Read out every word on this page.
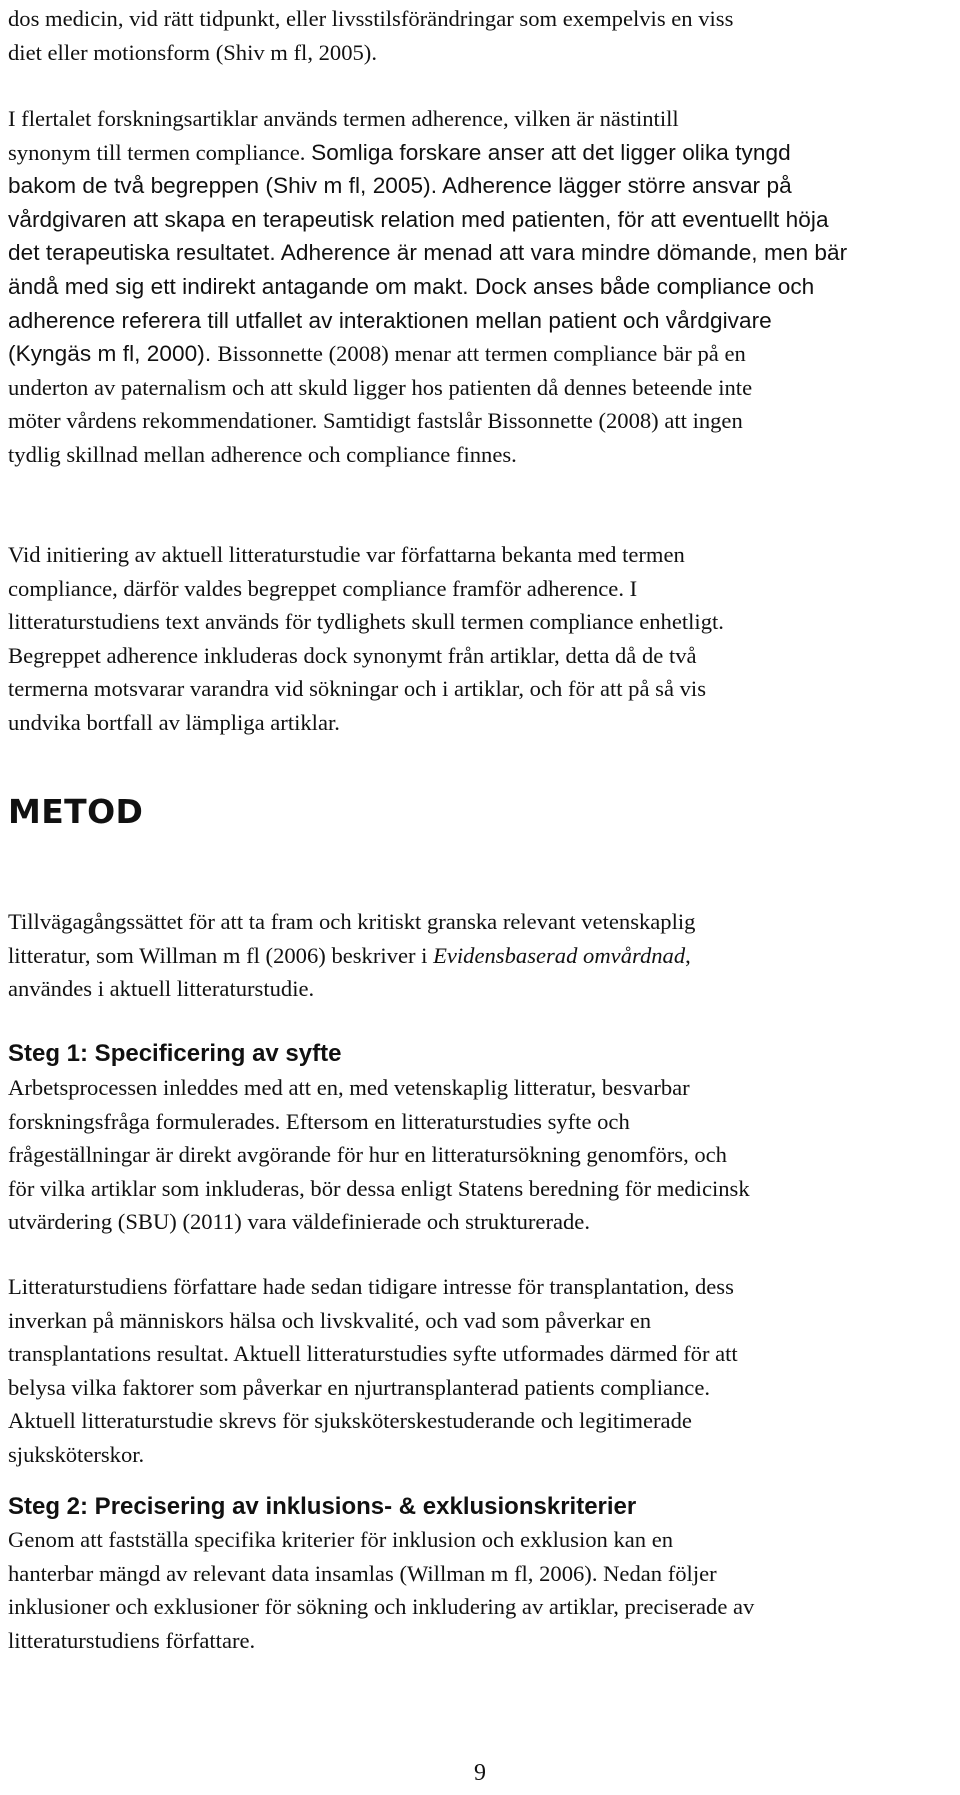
dos medicin, vid rätt tidpunkt, eller livsstilsförändringar som exempelvis en viss
diet eller motionsform (Shiv m fl, 2005).
I flertalet forskningsartiklar används termen adherence, vilken är nästintill
synonym till termen compliance. Somliga forskare anser att det ligger olika tyngd
bakom de två begreppen (Shiv m fl, 2005). Adherence lägger större ansvar på
vårdgivaren att skapa en terapeutisk relation med patienten, för att eventuellt höja
det terapeutiska resultatet. Adherence är menad att vara mindre dömande, men bär
ändå med sig ett indirekt antagande om makt. Dock anses både compliance och
adherence referera till utfallet av interaktionen mellan patient och vårdgivare
(Kyngäs m fl, 2000). Bissonnette (2008) menar att termen compliance bär på en
underton av paternalism och att skuld ligger hos patienten då dennes beteende inte
möter vårdens rekommendationer. Samtidigt fastslår Bissonnette (2008) att ingen
tydlig skillnad mellan adherence och compliance finnes.
Vid initiering av aktuell litteraturstudie var författarna bekanta med termen
compliance, därför valdes begreppet compliance framför adherence. I
litteraturstudiens text används för tydlighets skull termen compliance enhetligt.
Begreppet adherence inkluderas dock synonymt från artiklar, detta då de två
termerna motsvarar varandra vid sökningar och i artiklar, och för att på så vis
undvika bortfall av lämpliga artiklar.
METOD
Tillvägagångssättet för att ta fram och kritiskt granska relevant vetenskaplig
litteratur, som Willman m fl (2006) beskriver i Evidensbaserad omvårdnad,
användes i aktuell litteraturstudie.
Steg 1: Specificering av syfte
Arbetsprocessen inleddes med att en, med vetenskaplig litteratur, besvarbar
forskningsfråga formulerades. Eftersom en litteraturstudies syfte och
frågeställningar är direkt avgörande för hur en litteratursökning genomförs, och
för vilka artiklar som inkluderas, bör dessa enligt Statens beredning för medicinsk
utvärdering (SBU) (2011) vara väldefinierade och strukturerade.
Litteraturstudiens författare hade sedan tidigare intresse för transplantation, dess
inverkan på människors hälsa och livskvalité, och vad som påverkar en
transplantations resultat. Aktuell litteraturstudies syfte utformades därmed för att
belysa vilka faktorer som påverkar en njurtransplanterad patients compliance.
Aktuell litteraturstudie skrevs för sjuksköterskestuderande och legitimerade
sjuksköterskor.
Steg 2: Precisering av inklusions- & exklusionskriterier
Genom att fastställa specifika kriterier för inklusion och exklusion kan en
hanterbar mängd av relevant data insamlas (Willman m fl, 2006). Nedan följer
inklusioner och exklusioner för sökning och inkludering av artiklar, preciserade av
litteraturstudiens författare.

9
